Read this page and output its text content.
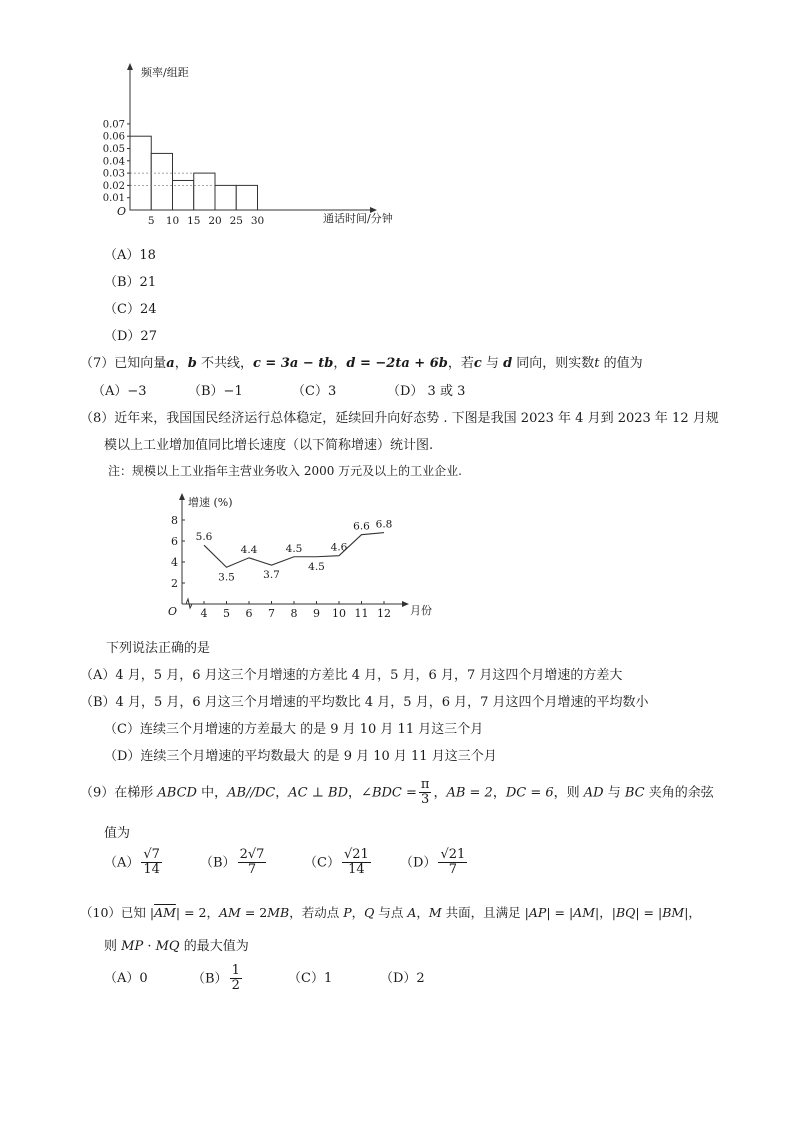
0.01
0.02
0.03
0.04
0.05
0.06
0.07
5 10 15 20 25 30
频率/组距
通话时间/分钟
O
（A）18
（B）21
（C）24
（D）27
（7）已知向量a，b 不共线，c = 3a − tb，d = −2ta + 6b，若c 与 d 同向，则实数t 的值为
（A）−3	（B）−1	（C）3	（D） 3 或 3
（8）近年来，我国国民经济运行总体稳定，延续回升向好态势 . 下图是我国 2023 年 4 月到 2023 年 12 月规
模以上工业增加值同比增长速度（以下简称增速）统计图.
注：规模以上工业指年主营业务收入 2000 万元及以上的工业企业.
2
4
6
8
4 5 6 7 8 9 10 11 12
5.6
3.5
4.4
3.7
4.5
4.5
4.6
6.6 6.8
增速 (%)
月份
O
下列说法正确的是
（A）4 月，5 月，6 月这三个月增速的方差比 4 月，5 月，6 月，7 月这四个月增速的方差大
（B）4 月，5 月，6 月这三个月增速的平均数比 4 月，5 月，6 月，7 月这四个月增速的平均数小
（C）连续三个月增速的方差最大 的是 9 月 10 月 11 月这三个月
（D）连续三个月增速的平均数最大 的是 9 月 10 月 11 月这三个月
（9）在梯形 ABCD 中，AB//DC，AC ⊥ BD，∠BDC = $\frac{\pi}{3}$ ，AB = 2，DC = 6，则 AD 与 BC 夹角的余弦
值为
$(A) \frac{√7}{14}$	$(B) \frac{2√7}{7}$	$(C) \frac{√21}{14} (D) \frac{√21}{7}$
（10）已知 $|\overline{AM}| = 2$，AM = 2MB，若动点 P，Q 与点 A，M 共面，且满足 |AP| = |AM|，|BQ| = |BM|，
则 MP · MQ 的最大值为
（A）0	$(B) \frac{1}{2}$	（C）1	（D）2
